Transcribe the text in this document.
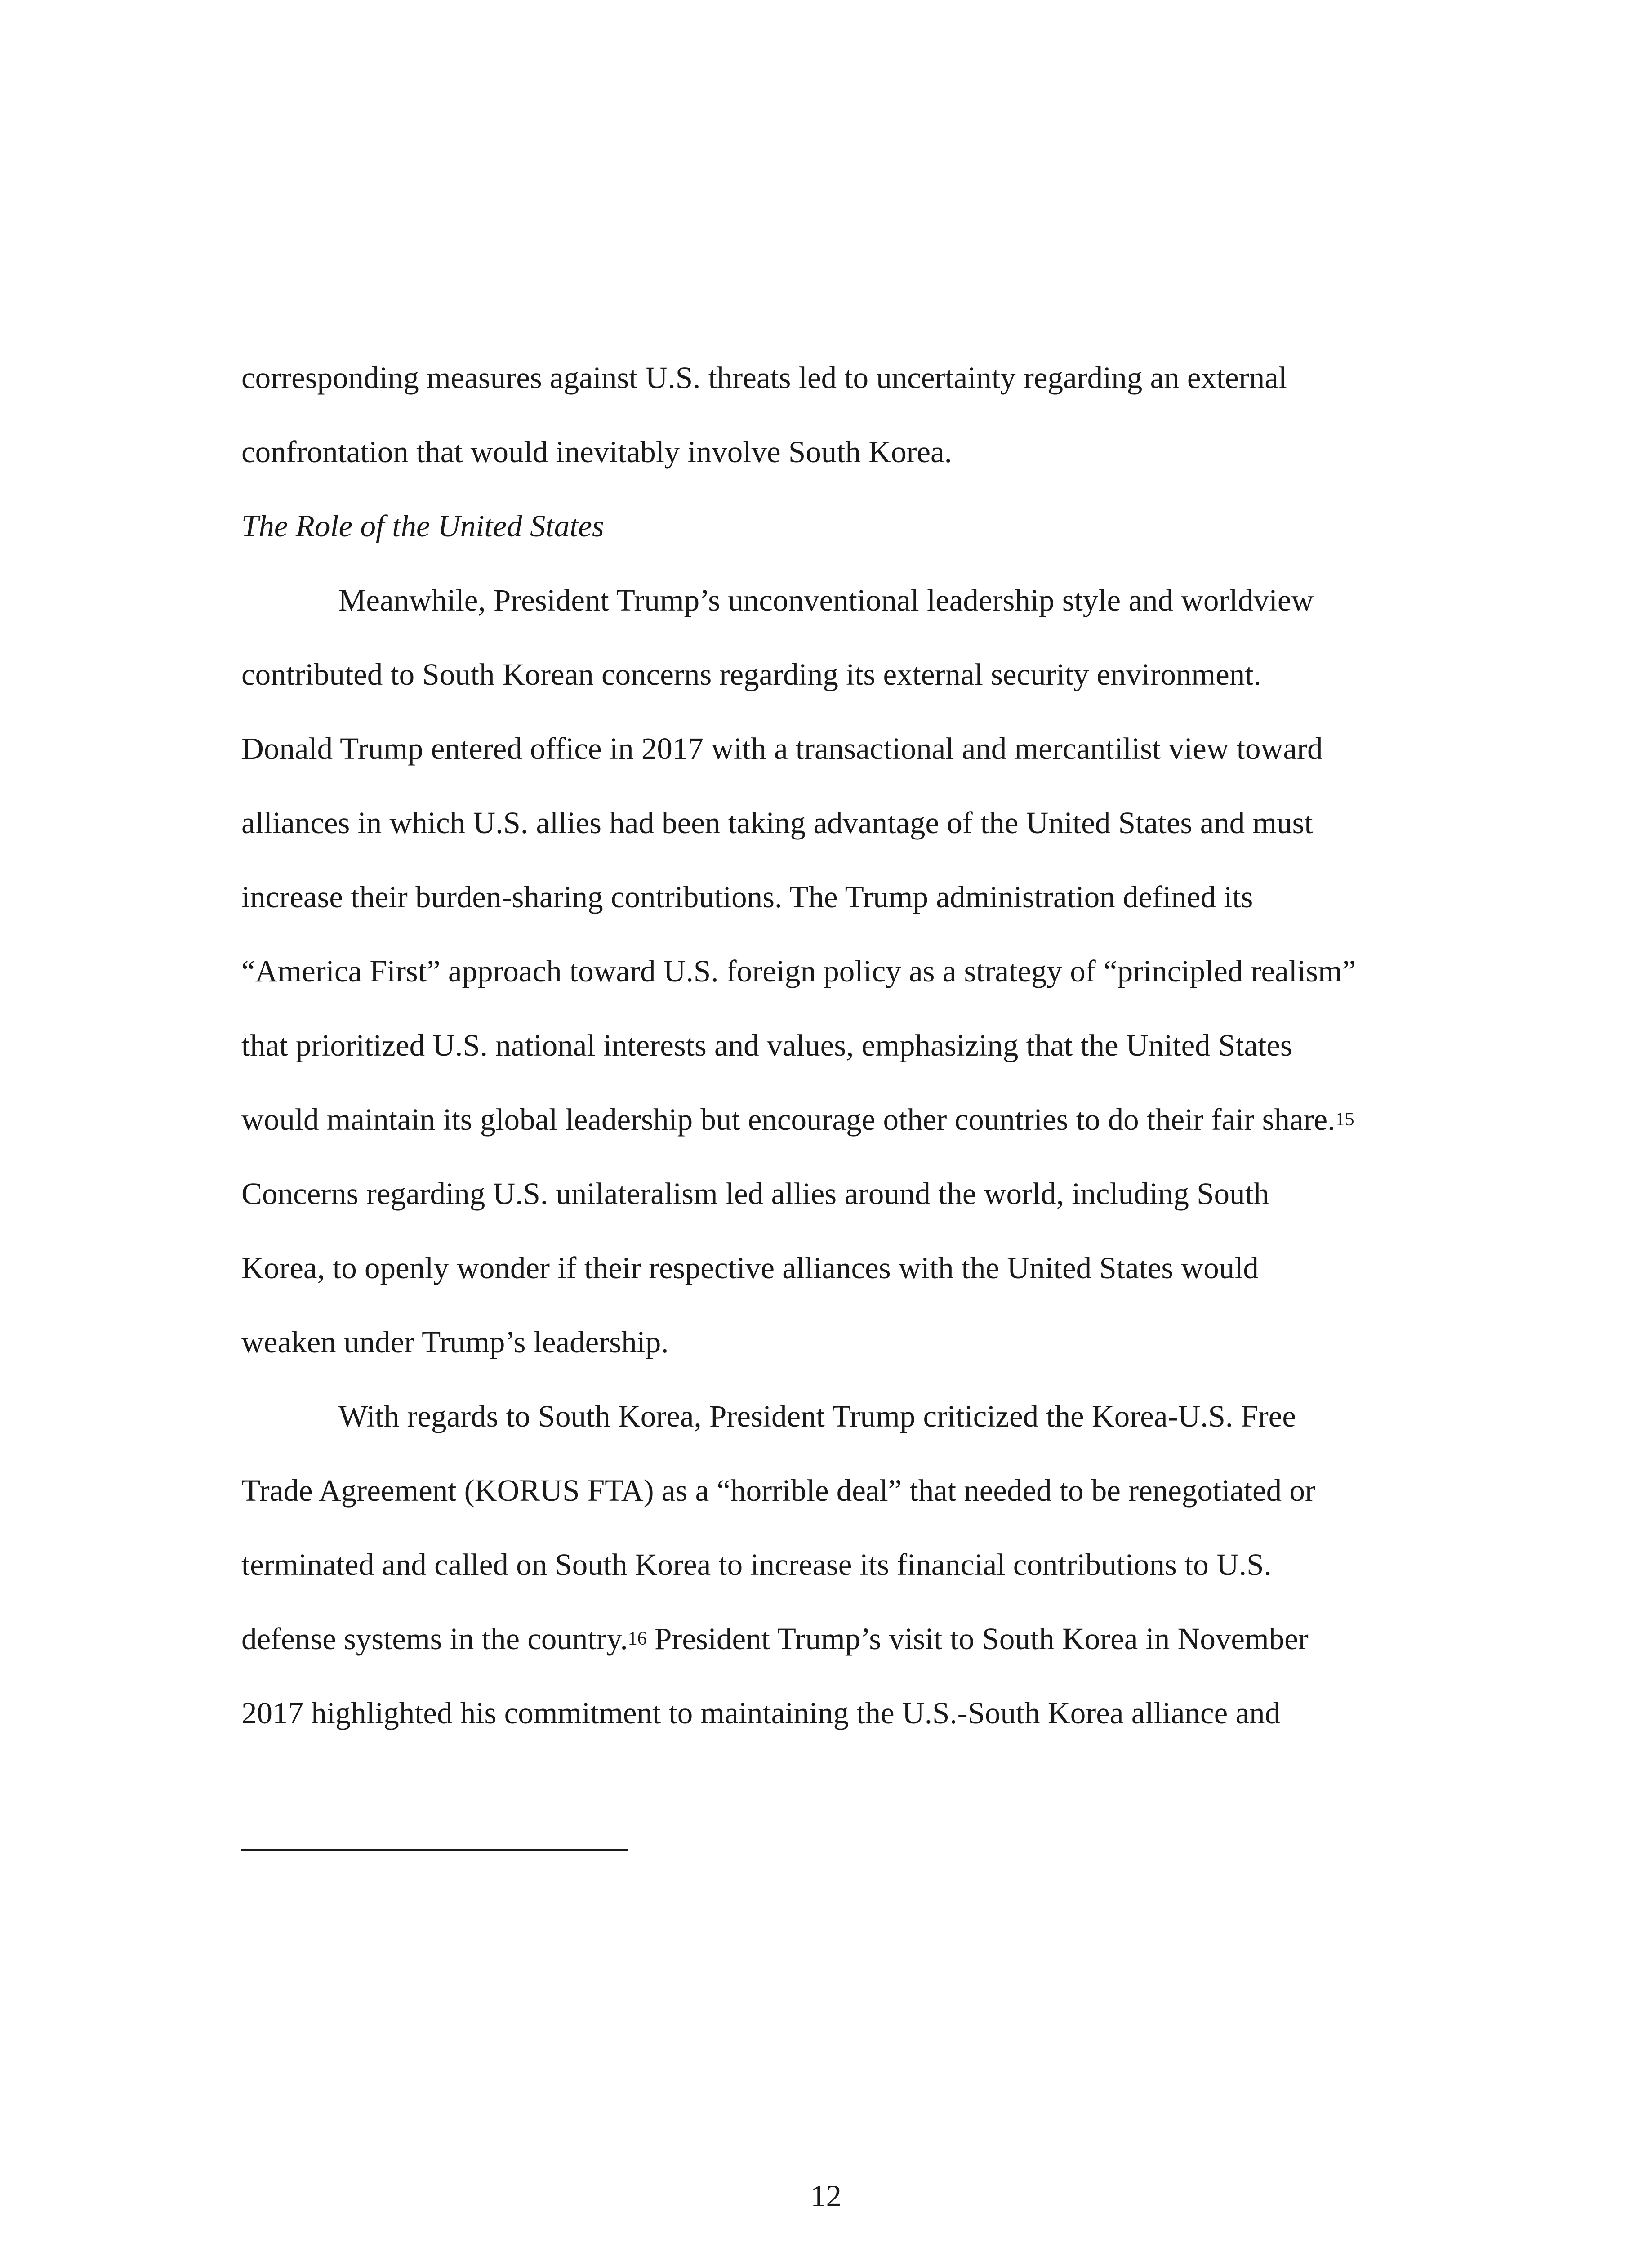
corresponding measures against U.S. threats led to uncertainty regarding an external
confrontation that would inevitably involve South Korea.
The Role of the United States
Meanwhile, President Trump’s unconventional leadership style and worldview
contributed to South Korean concerns regarding its external security environment.
Donald Trump entered office in 2017 with a transactional and mercantilist view toward
alliances in which U.S. allies had been taking advantage of the United States and must
increase their burden-sharing contributions. The Trump administration defined its
“America First” approach toward U.S. foreign policy as a strategy of “principled realism”
that prioritized U.S. national interests and values, emphasizing that the United States
would maintain its global leadership but encourage other countries to do their fair share.$^{15}$
Concerns regarding U.S. unilateralism led allies around the world, including South
Korea, to openly wonder if their respective alliances with the United States would
weaken under Trump’s leadership.
With regards to South Korea, President Trump criticized the Korea-U.S. Free
Trade Agreement (KORUS FTA) as a “horrible deal” that needed to be renegotiated or
terminated and called on South Korea to increase its financial contributions to U.S.
defense systems in the country.$^{16}$ President Trump’s visit to South Korea in November
2017 highlighted his commitment to maintaining the U.S.-South Korea alliance and
12
